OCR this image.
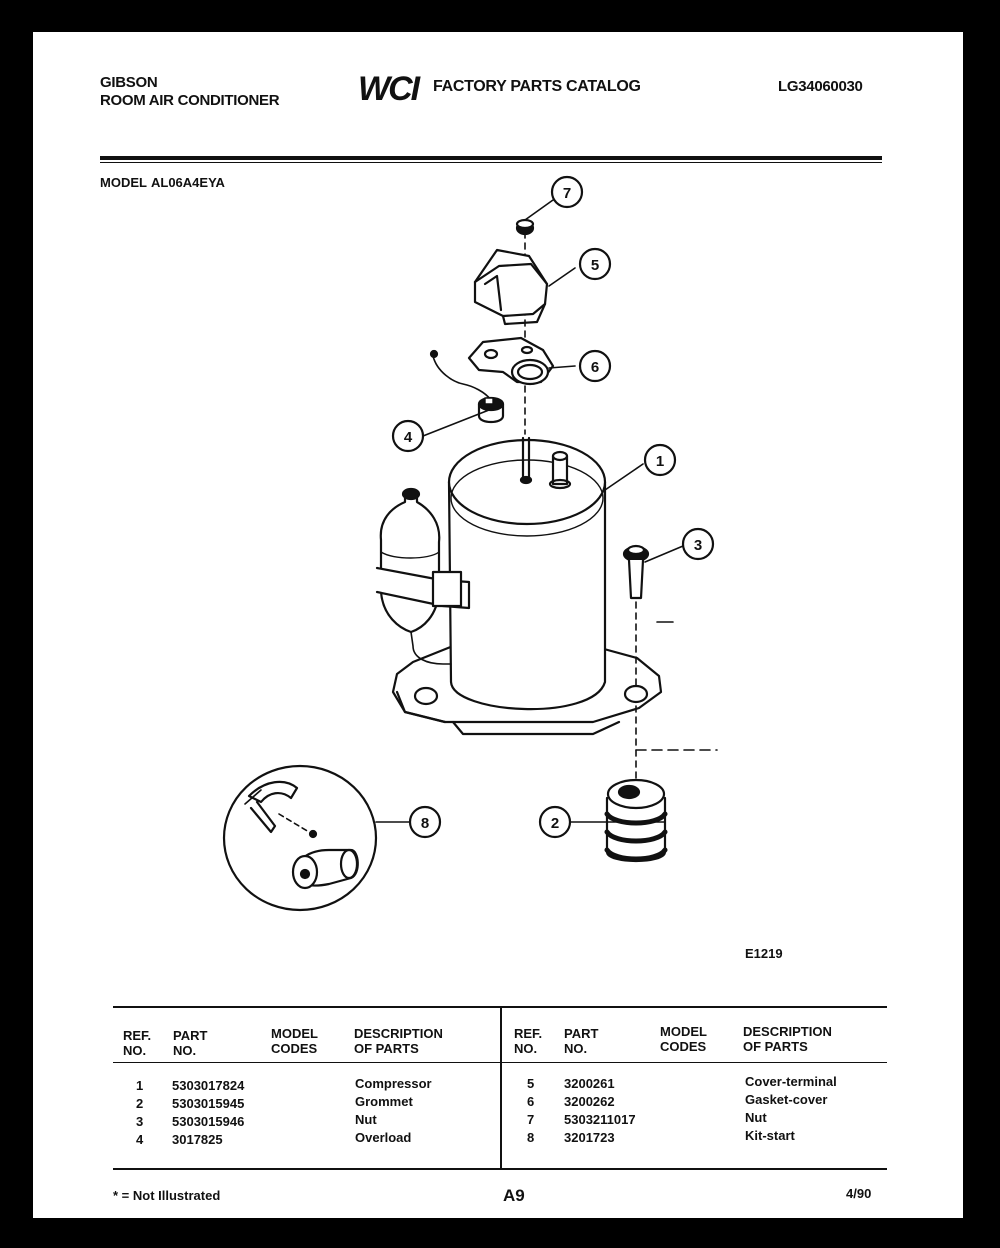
GIBSON
ROOM AIR CONDITIONER WCI FACTORY PARTS CATALOG	LG34060030
MODEL AL06A4EYA
7
5
6
4
1
3
2
8
E1219
REF.
NO.
PART
NO.
MODEL
CODES
DESCRIPTION
OF PARTS
REF.
NO.
PART
NO.
MODEL
CODES
DESCRIPTION
OF PARTS
1 5303017824	Compressor
2 5303015945	Grommet
3 5303015946	Nut
4 3017825	Overload
5 3200261	Cover-terminal
6 3200262	Gasket-cover
7 5303211017	Nut
8 3201723	Kit-start
* = Not Illustrated	A9	4/90
